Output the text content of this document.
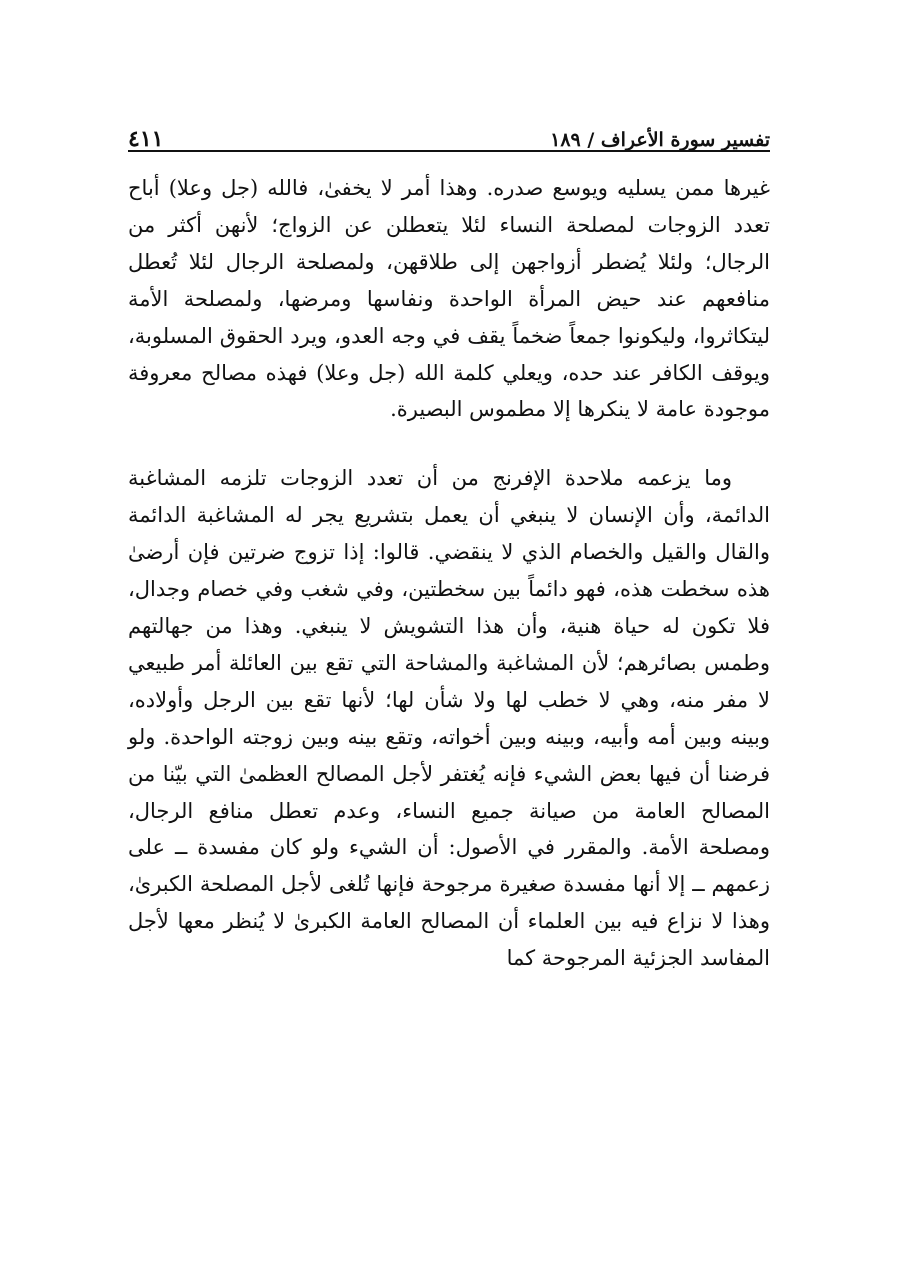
تفسير سورة الأعراف / ١٨٩
٤١١

غيرها ممن يسليه ويوسع صدره. وهذا أمر لا يخفىٰ، فالله (جل وعلا) أباح تعدد الزوجات لمصلحة النساء لئلا يتعطلن عن الزواج؛ لأنهن أكثر من الرجال؛ ولئلا يُضطر أزواجهن إلى طلاقهن، ولمصلحة الرجال لئلا تُعطل منافعهم عند حيض المرأة الواحدة ونفاسها ومرضها، ولمصلحة الأمة ليتكاثروا، وليكونوا جمعاً ضخماً يقف في وجه العدو، ويرد الحقوق المسلوبة، ويوقف الكافر عند حده، ويعلي كلمة الله (جل وعلا) فهذه مصالح معروفة موجودة عامة لا ينكرها إلا مطموس البصيرة.

وما يزعمه ملاحدة الإفرنج من أن تعدد الزوجات تلزمه المشاغبة الدائمة، وأن الإنسان لا ينبغي أن يعمل بتشريع يجر له المشاغبة الدائمة والقال والقيل والخصام الذي لا ينقضي. قالوا: إذا تزوج ضرتين فإن أرضىٰ هذه سخطت هذه، فهو دائماً بين سخطتين، وفي شغب وفي خصام وجدال، فلا تكون له حياة هنية، وأن هذا التشويش لا ينبغي. وهذا من جهالتهم وطمس بصائرهم؛ لأن المشاغبة والمشاحة التي تقع بين العائلة أمر طبيعي لا مفر منه، وهي لا خطب لها ولا شأن لها؛ لأنها تقع بين الرجل وأولاده، وبينه وبين أمه وأبيه، وبينه وبين أخواته، وتقع بينه وبين زوجته الواحدة. ولو فرضنا أن فيها بعض الشيء فإنه يُغتفر لأجل المصالح العظمىٰ التي بيّنا من المصالح العامة من صيانة جميع النساء، وعدم تعطل منافع الرجال، ومصلحة الأمة. والمقرر في الأصول: أن الشيء ولو كان مفسدة ــ على زعمهم ــ إلا أنها مفسدة صغيرة مرجوحة فإنها تُلغى لأجل المصلحة الكبرىٰ، وهذا لا نزاع فيه بين العلماء أن المصالح العامة الكبرىٰ لا يُنظر معها لأجل المفاسد الجزئية المرجوحة كما
